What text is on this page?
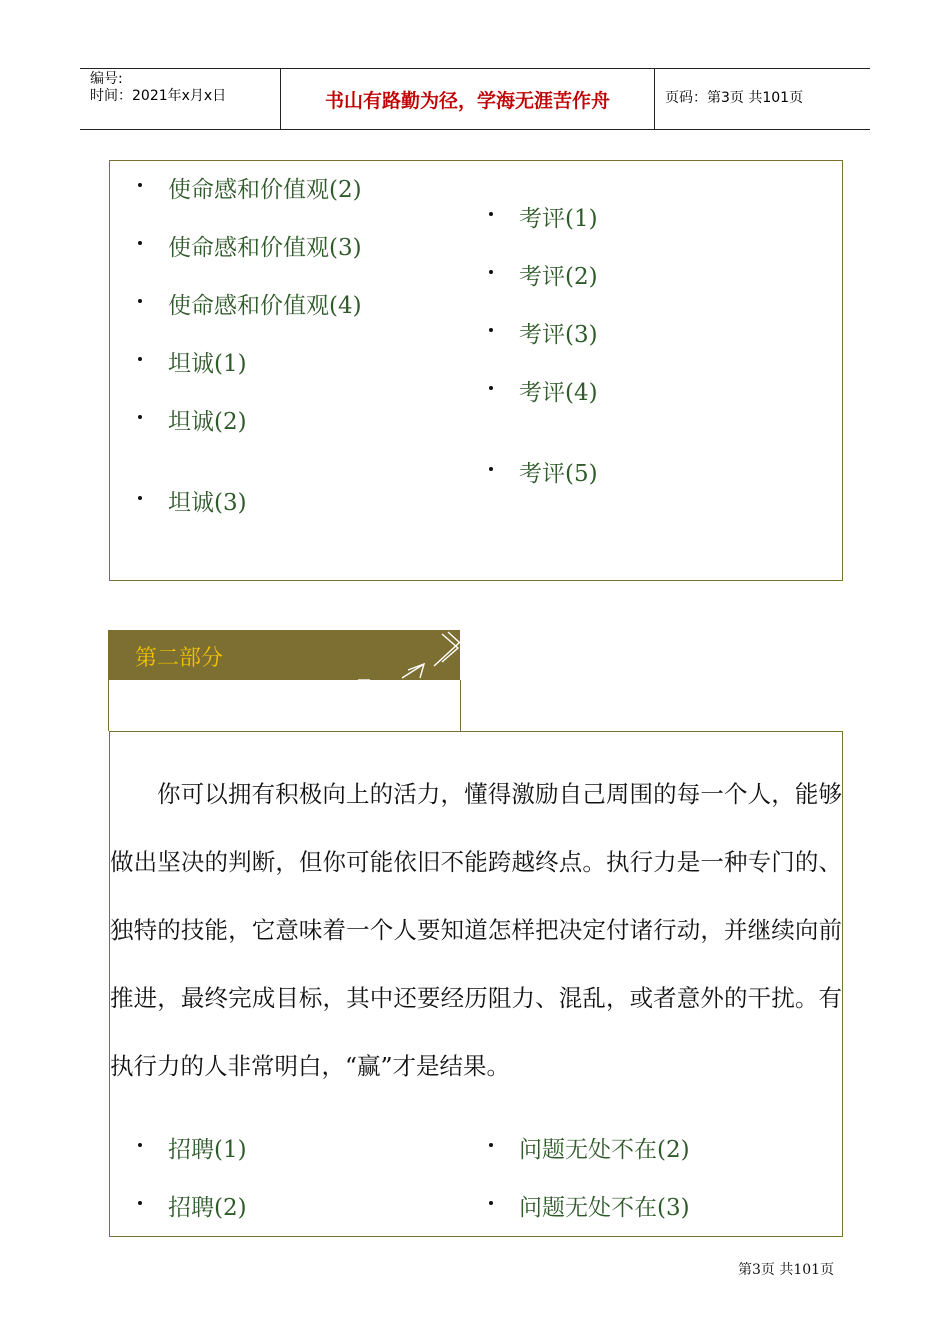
编号:
时间：2021年x月x日	书山有路勤为径，学海无涯苦作舟	页码：第3页 共101页
使命感和价值观(2)
使命感和价值观(3)
使命感和价值观(4)
坦诚(1)
坦诚(2)
坦诚(3)
考评(1)
考评(2)
考评(3)
考评(4)
考评(5)
第二部分

你可以拥有积极向上的活力，懂得激励自己周围的每一个人，能够做出坚决的判断，但你可能依旧不能跨越终点。执行力是一种专门的、独特的技能，它意味着一个人要知道怎样把决定付诸行动，并继续向前推进，最终完成目标，其中还要经历阻力、混乱，或者意外的干扰。有执行力的人非常明白，“赢”才是结果。

招聘(1)
招聘(2)
问题无处不在(2)
问题无处不在(3)
第3页 共101页
